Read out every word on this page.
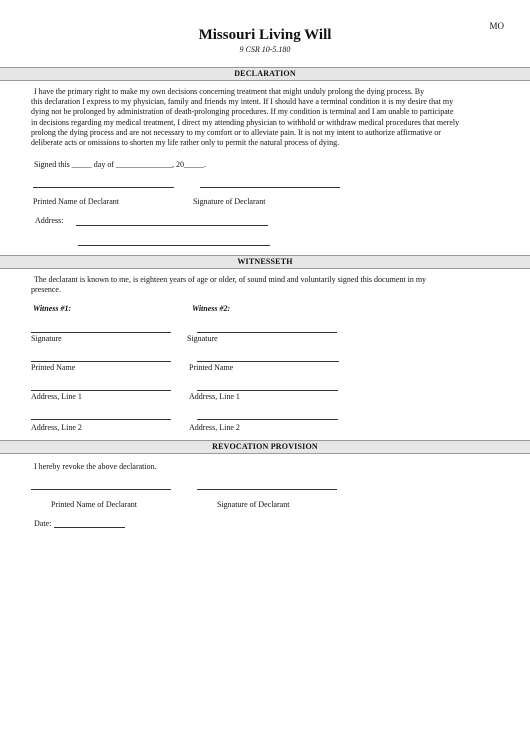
MO
Missouri Living Will
9 CSR 10-5.180
DECLARATION
I have the primary right to make my own decisions concerning treatment that might unduly prolong the dying process. By
this declaration I express to my physician, family and friends my intent. If I should have a terminal condition it is my desire that my
dying not be prolonged by administration of death-prolonging procedures. If my condition is terminal and I am unable to participate
in decisions regarding my medical treatment, I direct my attending physician to withhold or withdraw medical procedures that merely
prolong the dying process and are not necessary to my comfort or to alleviate pain. It is not my intent to authorize affirmative or
deliberate acts or omissions to shorten my life rather only to permit the natural process of dying.
Signed this _____ day of ______________, 20_____.
Printed Name of Declarant	Signature of Declarant
Address:
WITNESSETH
The declarant is known to me, is eighteen years of age or older, of sound mind and voluntarily signed this document in my
presence.
Witness #1:	Witness #2:
Signature	Signature
Printed Name	Printed Name
Address, Line 1	Address, Line 1
Address, Line 2	Address, Line 2
REVOCATION PROVISION
I hereby revoke the above declaration.
Printed Name of Declarant	Signature of Declarant
Date:
